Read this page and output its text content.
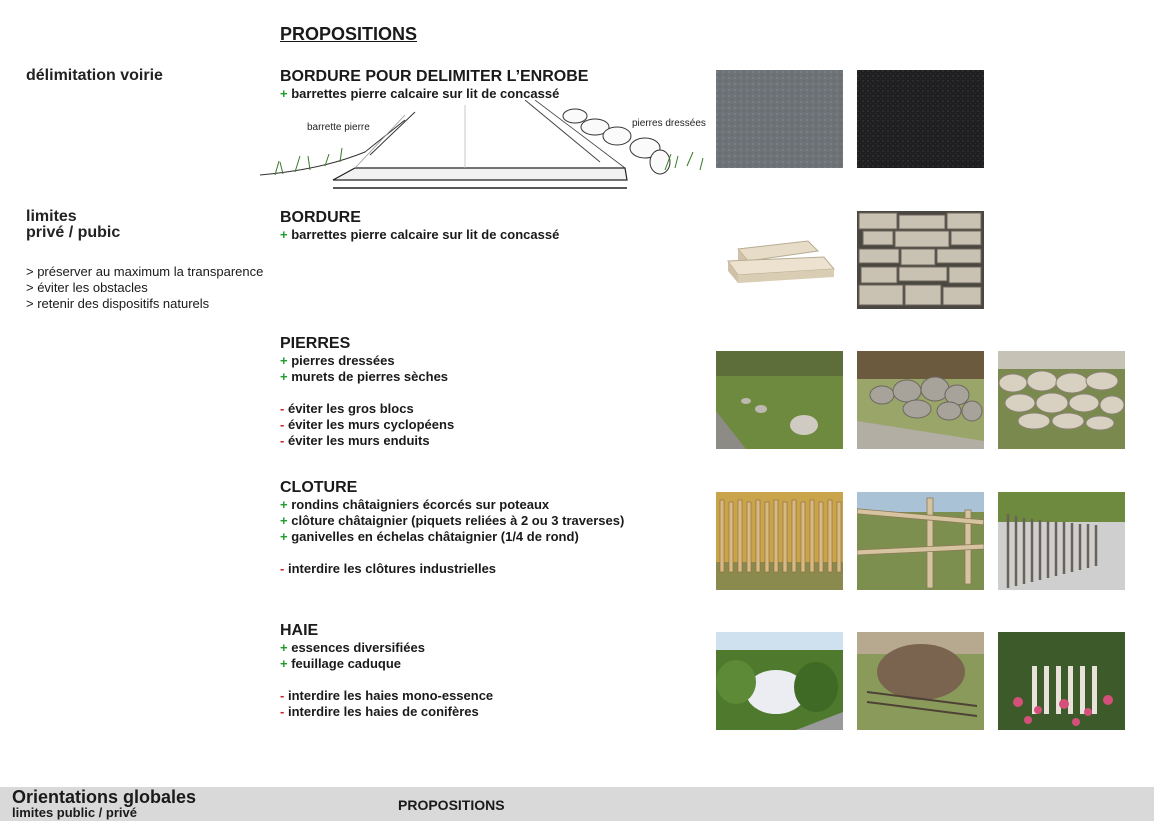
PROPOSITIONS
délimitation voirie
limites
privé / pubic
> préserver au maximum la transparence
> éviter les obstacles
> retenir des dispositifs naturels
BORDURE POUR DELIMITER L’ENROBE
+ barrettes pierre calcaire sur lit de concassé
barrette pierre	pierres dressées
BORDURE
+ barrettes pierre calcaire sur lit de concassé
PIERRES
+ pierres dressées
+ murets de pierres sèches
- éviter les gros blocs
- éviter les murs cyclopéens
- éviter les murs enduits
CLOTURE
+ rondins châtaigniers écorcés sur poteaux
+ clôture châtaignier (piquets reliées à 2 ou 3 traverses)
+ ganivelles en échelas châtaignier (1/4 de rond)
- interdire les clôtures industrielles
HAIE
+ essences diversifiées
+ feuillage caduque
- interdire les haies mono-essence
- interdire les haies de conifères
Orientations globales
limites public / privé	PROPOSITIONS
